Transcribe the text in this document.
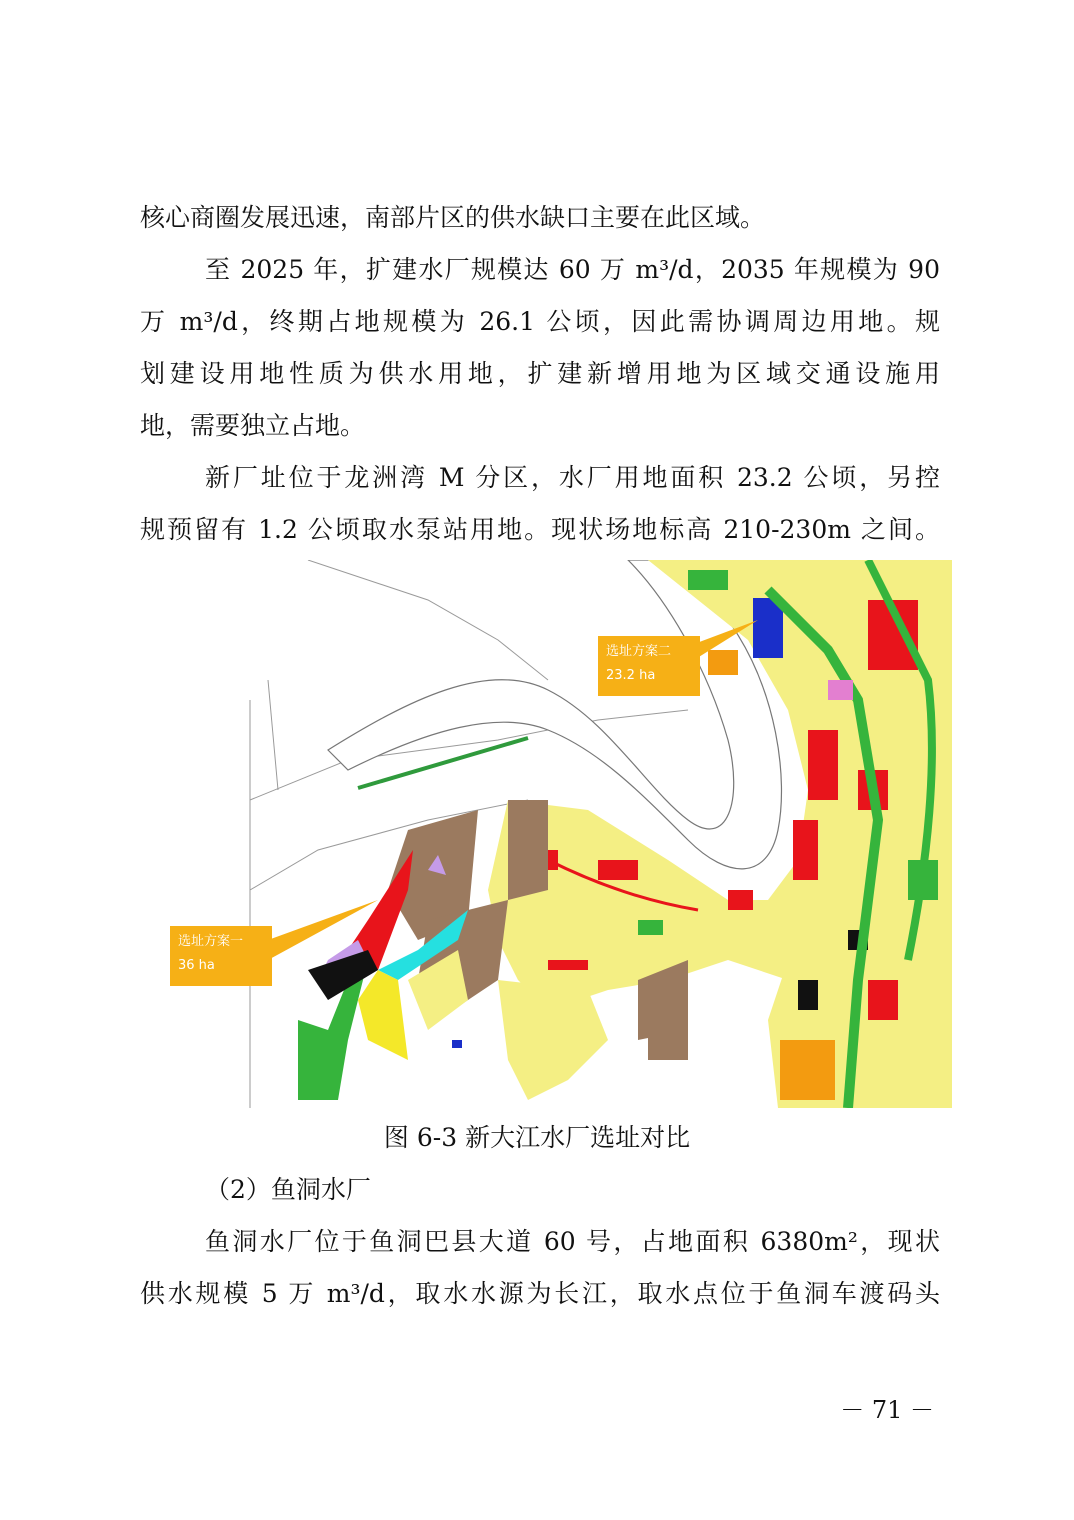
核心商圈发展迅速，南部片区的供水缺口主要在此区域。
至 2025 年，扩建水厂规模达 60 万 m³/d，2035 年规模为 90
万 m³/d，终期占地规模为 26.1 公顷，因此需协调周边用地。规
划建设用地性质为供水用地，扩建新增用地为区域交通设施用
地，需要独立占地。
新厂址位于龙洲湾 M 分区，水厂用地面积 23.2 公顷，另控
规预留有 1.2 公顷取水泵站用地。现状场地标高 210-230m 之间。
选址方案一
36 ha
选址方案二
23.2 ha
图 6-3 新大江水厂选址对比
（2）鱼洞水厂
鱼洞水厂位于鱼洞巴县大道 60 号，占地面积 6380m²，现状
供水规模 5 万 m³/d，取水水源为长江，取水点位于鱼洞车渡码头
－ 71 －
